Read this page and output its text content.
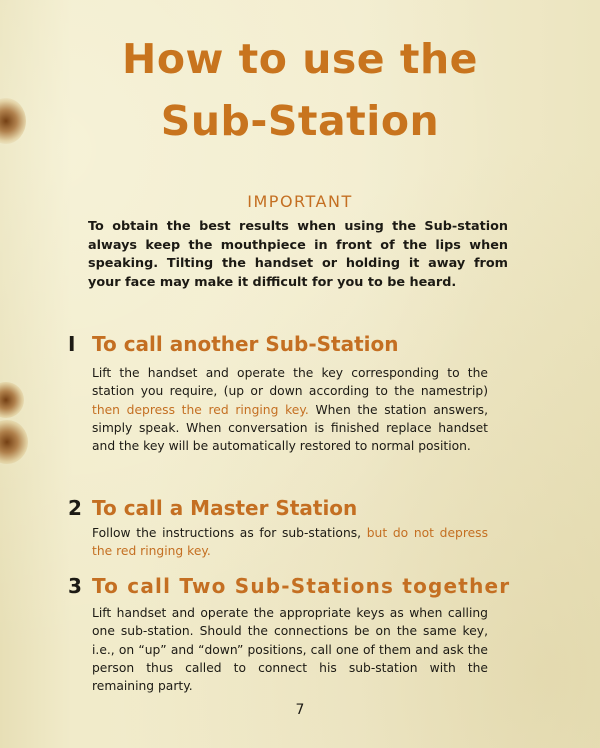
How to use the
Sub-Station
IMPORTANT
To obtain the best results when using the Sub-station always keep the mouthpiece in front of the lips when speaking. Tilting the handset or holding it away from your face may make it difficult for you to be heard.
I To call another Sub-Station
Lift the handset and operate the key corresponding to the station you require, (up or down according to the namestrip) then depress the red ringing key. When the station answers, simply speak. When conversation is finished replace handset and the key will be automatically restored to normal position.
2 To call a Master Station
Follow the instructions as for sub-stations, but do not depress the red ringing key.
3 To call Two Sub-Stations together
Lift handset and operate the appropriate keys as when calling one sub-station. Should the connections be on the same key, i.e., on “up” and “down” positions, call one of them and ask the person thus called to connect his sub-station with the remaining party.
7
